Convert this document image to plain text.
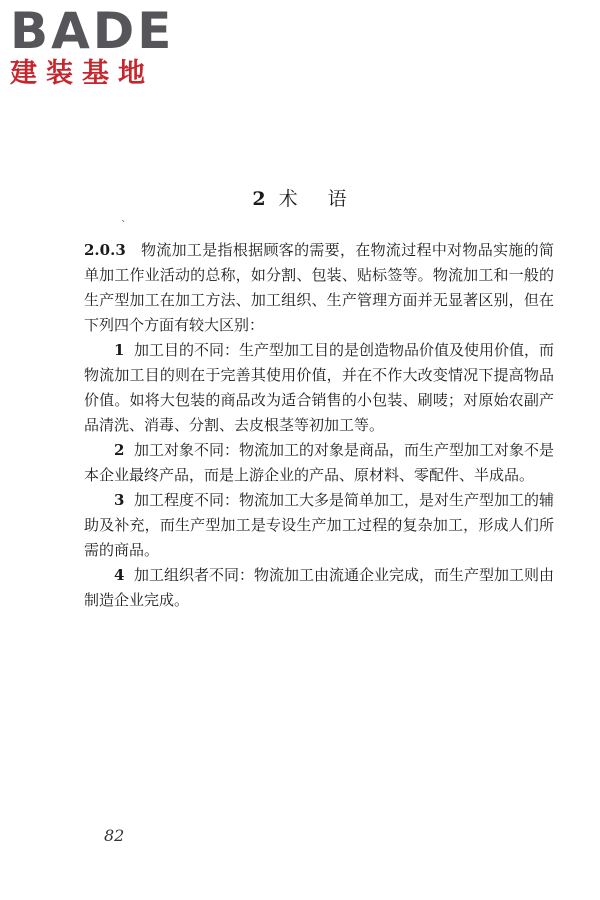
BADE
建装基地
2 术 语
`

2.0.3 物流加工是指根据顾客的需要，在物流过程中对物品实施的简单加工作业活动的总称，如分割、包装、贴标签等。物流加工和一般的生产型加工在加工方法、加工组织、生产管理方面并无显著区别，但在下列四个方面有较大区别：

1 加工目的不同：生产型加工目的是创造物品价值及使用价值，而物流加工目的则在于完善其使用价值，并在不作大改变情况下提高物品价值。如将大包装的商品改为适合销售的小包装、刷唛；对原始农副产品清洗、消毒、分割、去皮根茎等初加工等。

2 加工对象不同：物流加工的对象是商品，而生产型加工对象不是本企业最终产品，而是上游企业的产品、原材料、零配件、半成品。

3 加工程度不同：物流加工大多是简单加工，是对生产型加工的辅助及补充，而生产型加工是专设生产加工过程的复杂加工，形成人们所需的商品。

4 加工组织者不同：物流加工由流通企业完成，而生产型加工则由制造企业完成。

82
